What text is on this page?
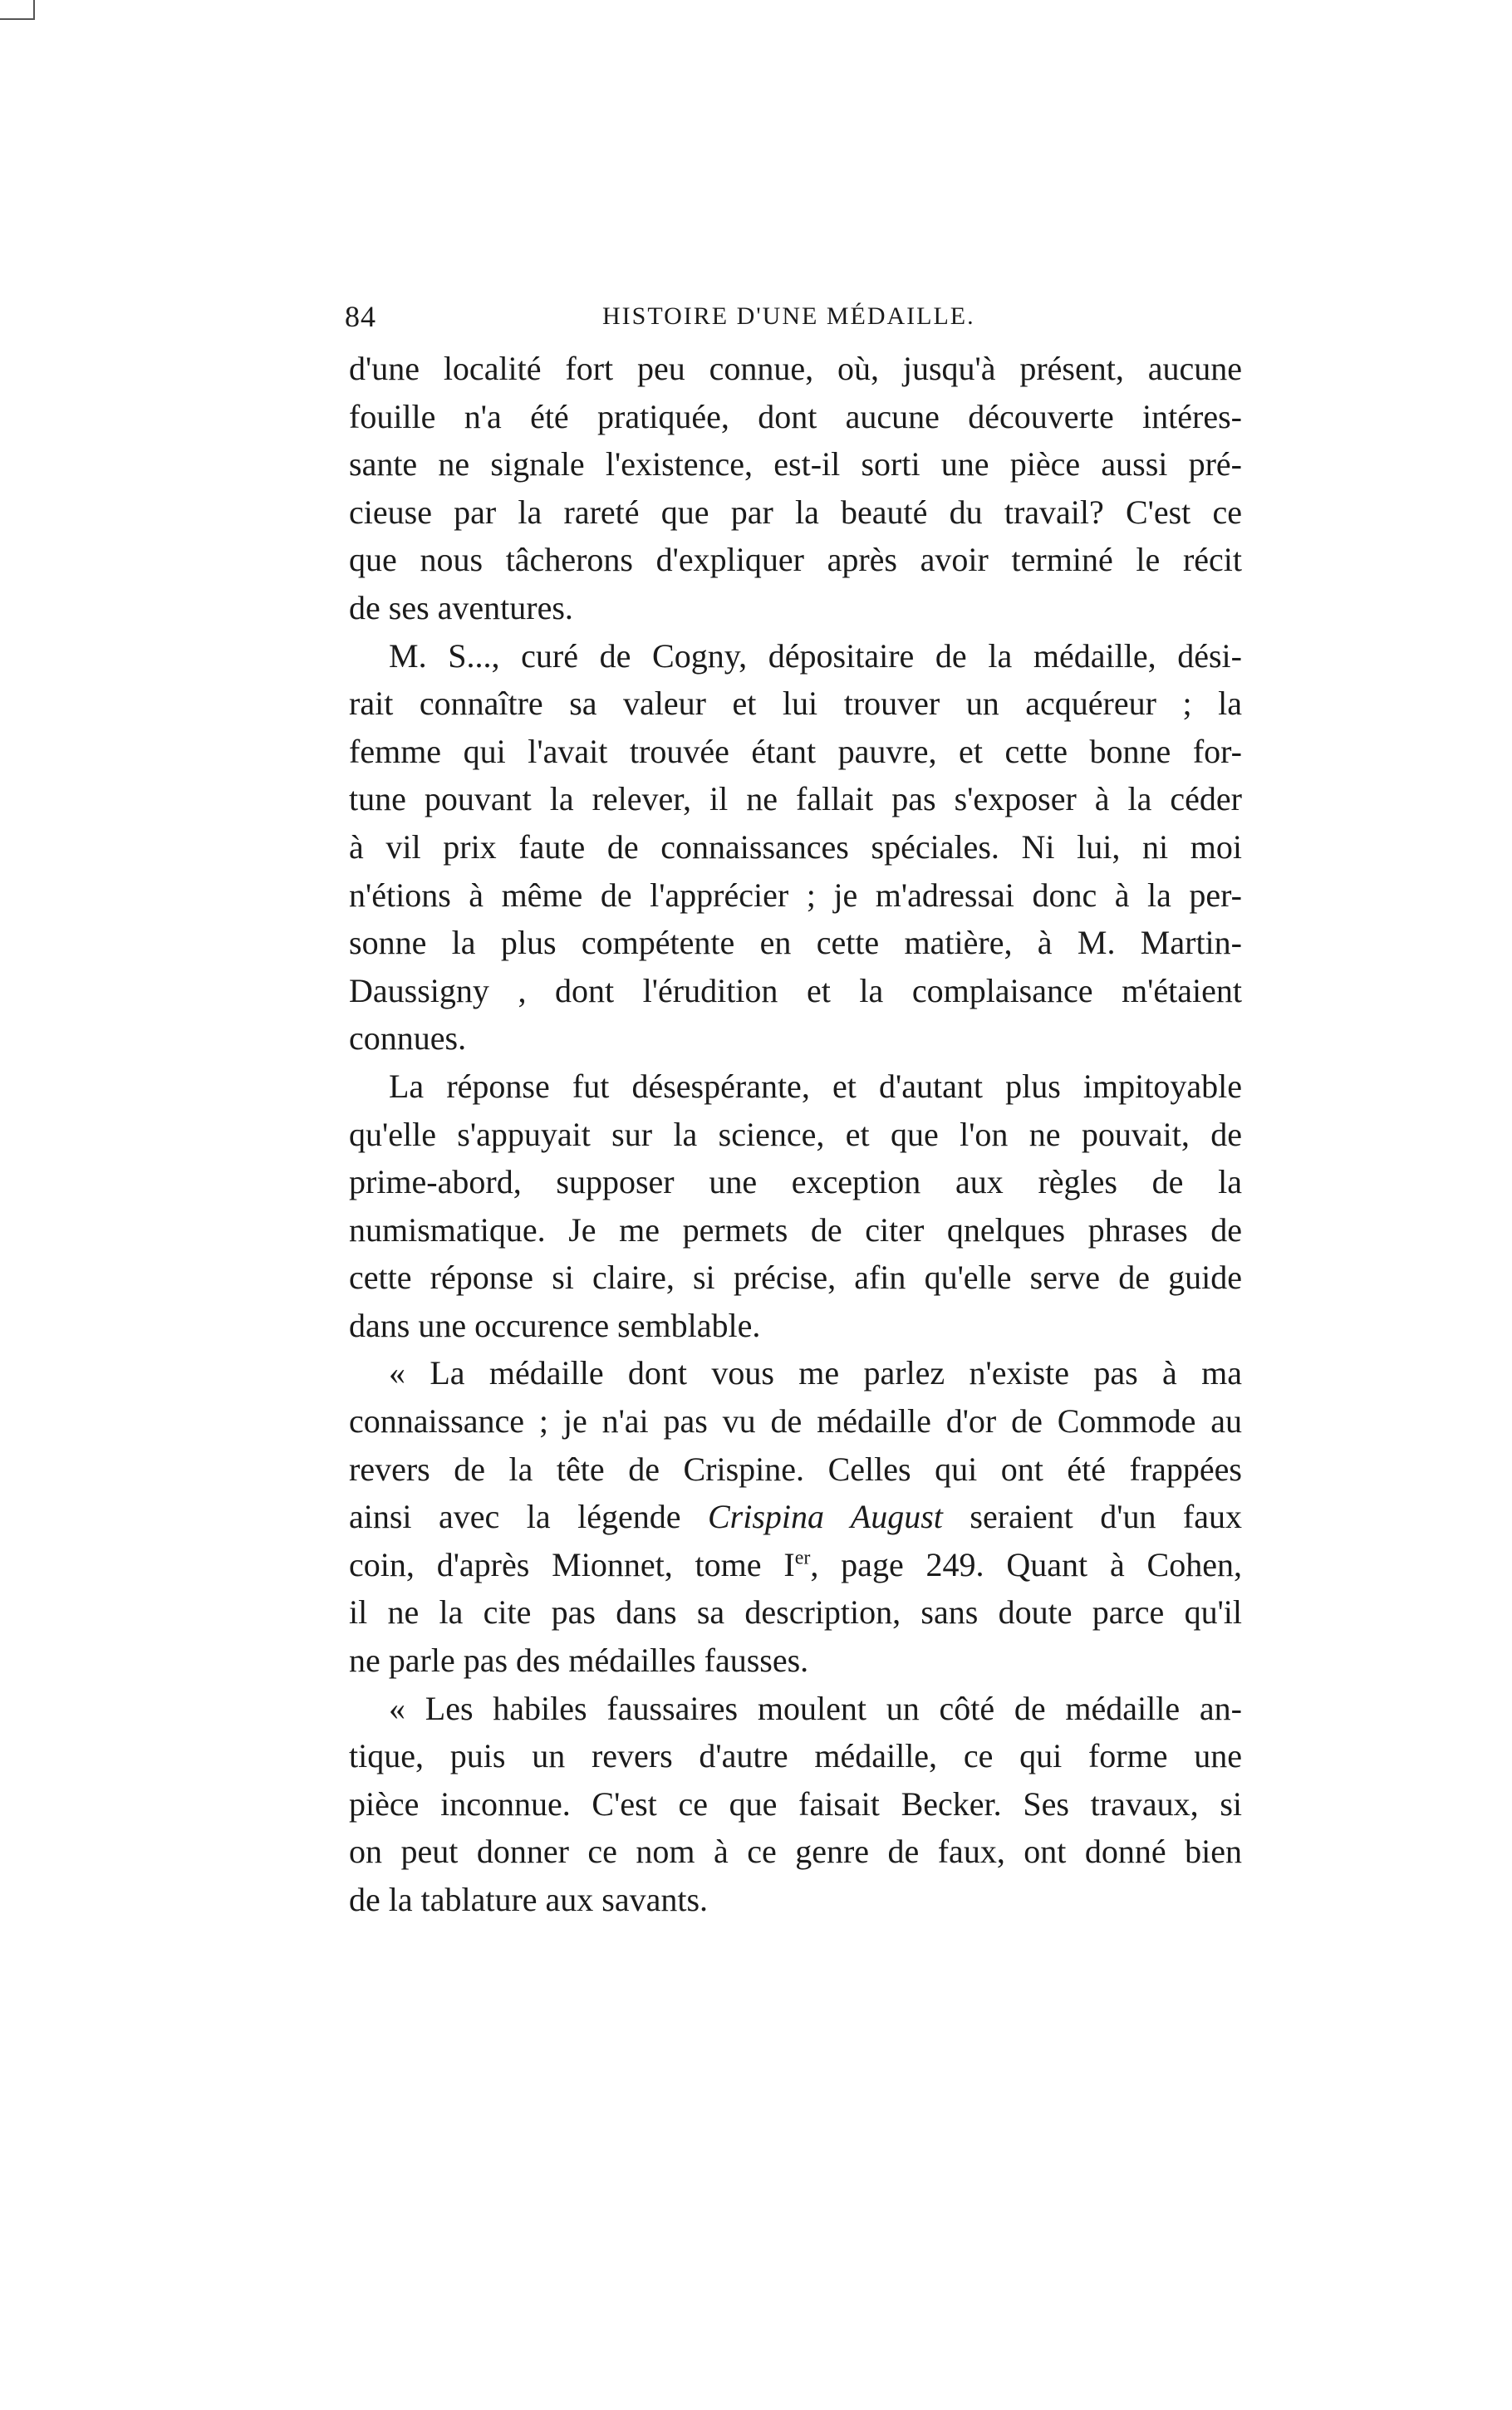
84	HISTOIRE D'UNE MÉDAILLE.
d'une localité fort peu connue, où, jusqu'à présent, aucune
fouille n'a été pratiquée, dont aucune découverte intéres-
sante ne signale l'existence, est-il sorti une pièce aussi pré-
cieuse par la rareté que par la beauté du travail? C'est ce
que nous tâcherons d'expliquer après avoir terminé le récit
de ses aventures.
M. S..., curé de Cogny, dépositaire de la médaille, dési-
rait connaître sa valeur et lui trouver un acquéreur ; la
femme qui l'avait trouvée étant pauvre, et cette bonne for-
tune pouvant la relever, il ne fallait pas s'exposer à la céder
à vil prix faute de connaissances spéciales. Ni lui, ni moi
n'étions à même de l'apprécier ; je m'adressai donc à la per-
sonne la plus compétente en cette matière, à M. Martin-
Daussigny , dont l'érudition et la complaisance m'étaient
connues.
La réponse fut désespérante, et d'autant plus impitoyable
qu'elle s'appuyait sur la science, et que l'on ne pouvait, de
prime-abord, supposer une exception aux règles de la
numismatique. Je me permets de citer qnelques phrases de
cette réponse si claire, si précise, afin qu'elle serve de guide
dans une occurence semblable.
« La médaille dont vous me parlez n'existe pas à ma
connaissance ; je n'ai pas vu de médaille d'or de Commode au
revers de la tête de Crispine. Celles qui ont été frappées
ainsi avec la légende Crispina August seraient d'un faux
coin, d'après Mionnet, tome Ier, page 249. Quant à Cohen,
il ne la cite pas dans sa description, sans doute parce qu'il
ne parle pas des médailles fausses.
« Les habiles faussaires moulent un côté de médaille an-
tique, puis un revers d'autre médaille, ce qui forme une
pièce inconnue. C'est ce que faisait Becker. Ses travaux, si
on peut donner ce nom à ce genre de faux, ont donné bien
de la tablature aux savants.
